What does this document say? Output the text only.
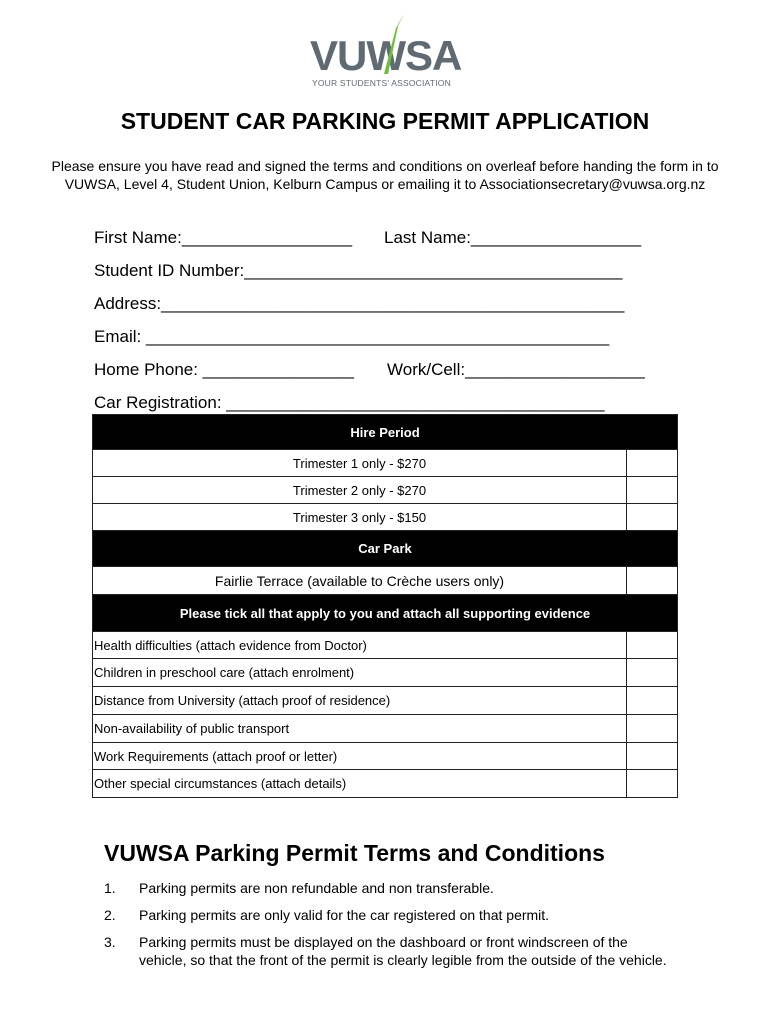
VUWSA
YOUR STUDENTS' ASSOCIATION
STUDENT CAR PARKING PERMIT APPLICATION

Please ensure you have read and signed the terms and conditions on overleaf before handing the form in to VUWSA, Level 4, Student Union, Kelburn Campus or emailing it to Associationsecretary@vuwsa.org.nz

First Name:__________________ Last Name:__________________

Student ID Number:________________________________________

Address:_________________________________________________

Email: _________________________________________________

Home Phone: ________________ Work/Cell:___________________

Car Registration: ________________________________________

Hire Period	
Trimester 1 only - $270	
Trimester 2 only - $270	
Trimester 3 only - $150	
Car Park	
Fairlie Terrace (available to Crèche users only)	
Please tick all that apply to you and attach all supporting evidence	
Health difficulties (attach evidence from Doctor)	
Children in preschool care (attach enrolment)	
Distance from University (attach proof of residence)	
Non-availability of public transport	
Work Requirements (attach proof or letter)	
Other special circumstances (attach details)	
VUWSA Parking Permit Terms and Conditions
1.	Parking permits are non refundable and non transferable.
2.	Parking permits are only valid for the car registered on that permit.
3.	Parking permits must be displayed on the dashboard or front windscreen of the vehicle, so that the front of the permit is clearly legible from the outside of the vehicle.
